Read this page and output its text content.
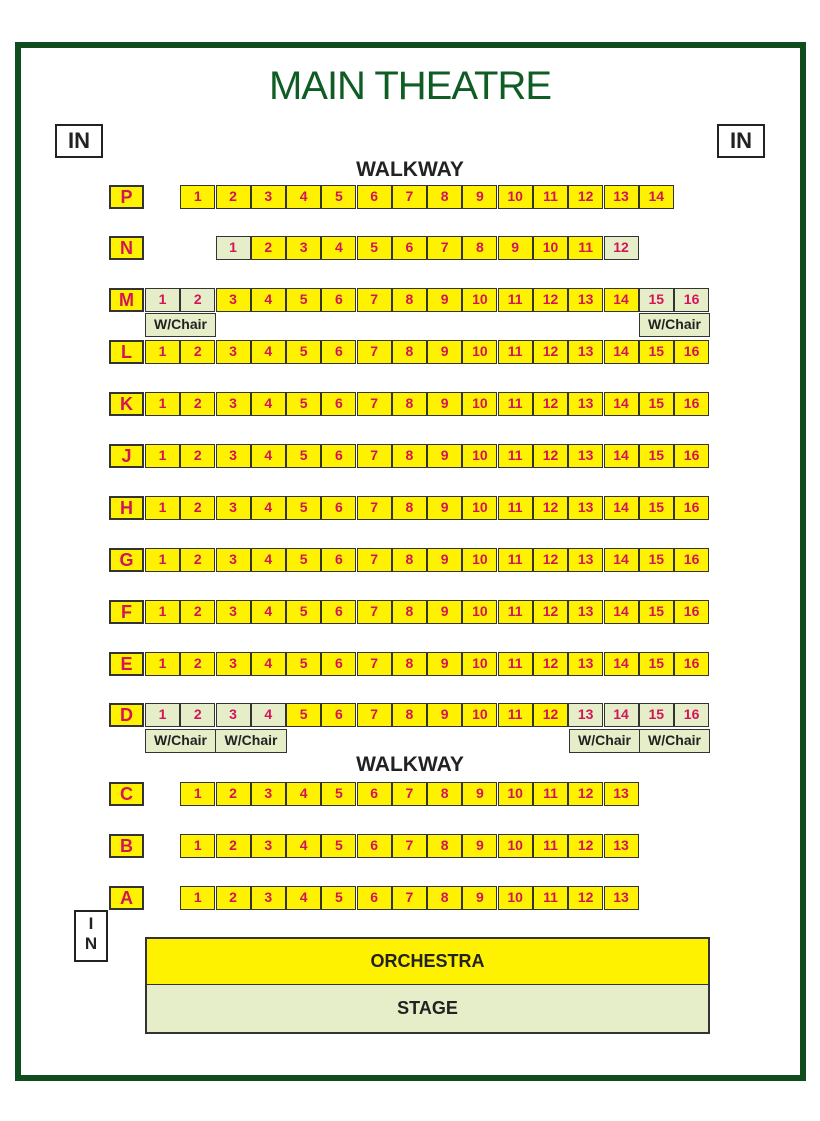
MAIN THEATRE
IN	IN
I
N
WALKWAY
WALKWAY
P	1	2	3	4	5	6	7	8	9	10	11	12	13	14
N	1	2	3	4	5	6	7	8	9	10	11	12
M	1	2	3	4	5	6	7	8	9	10	11	12	13	14	15	16
L	1	2	3	4	5	6	7	8	9	10	11	12	13	14	15	16
K	1	2	3	4	5	6	7	8	9	10	11	12	13	14	15	16
J	1	2	3	4	5	6	7	8	9	10	11	12	13	14	15	16
H	1	2	3	4	5	6	7	8	9	10	11	12	13	14	15	16
G	1	2	3	4	5	6	7	8	9	10	11	12	13	14	15	16
F	1	2	3	4	5	6	7	8	9	10	11	12	13	14	15	16
E	1	2	3	4	5	6	7	8	9	10	11	12	13	14	15	16
D	1	2	3	4	5	6	7	8	9	10	11	12	13	14	15	16
C	1	2	3	4	5	6	7	8	9	10	11	12	13
B	1	2	3	4	5	6	7	8	9	10	11	12	13
A	1	2	3	4	5	6	7	8	9	10	11	12	13
W/Chair	W/Chair
W/Chair	W/Chair	W/Chair	W/Chair
ORCHESTRA
STAGE
